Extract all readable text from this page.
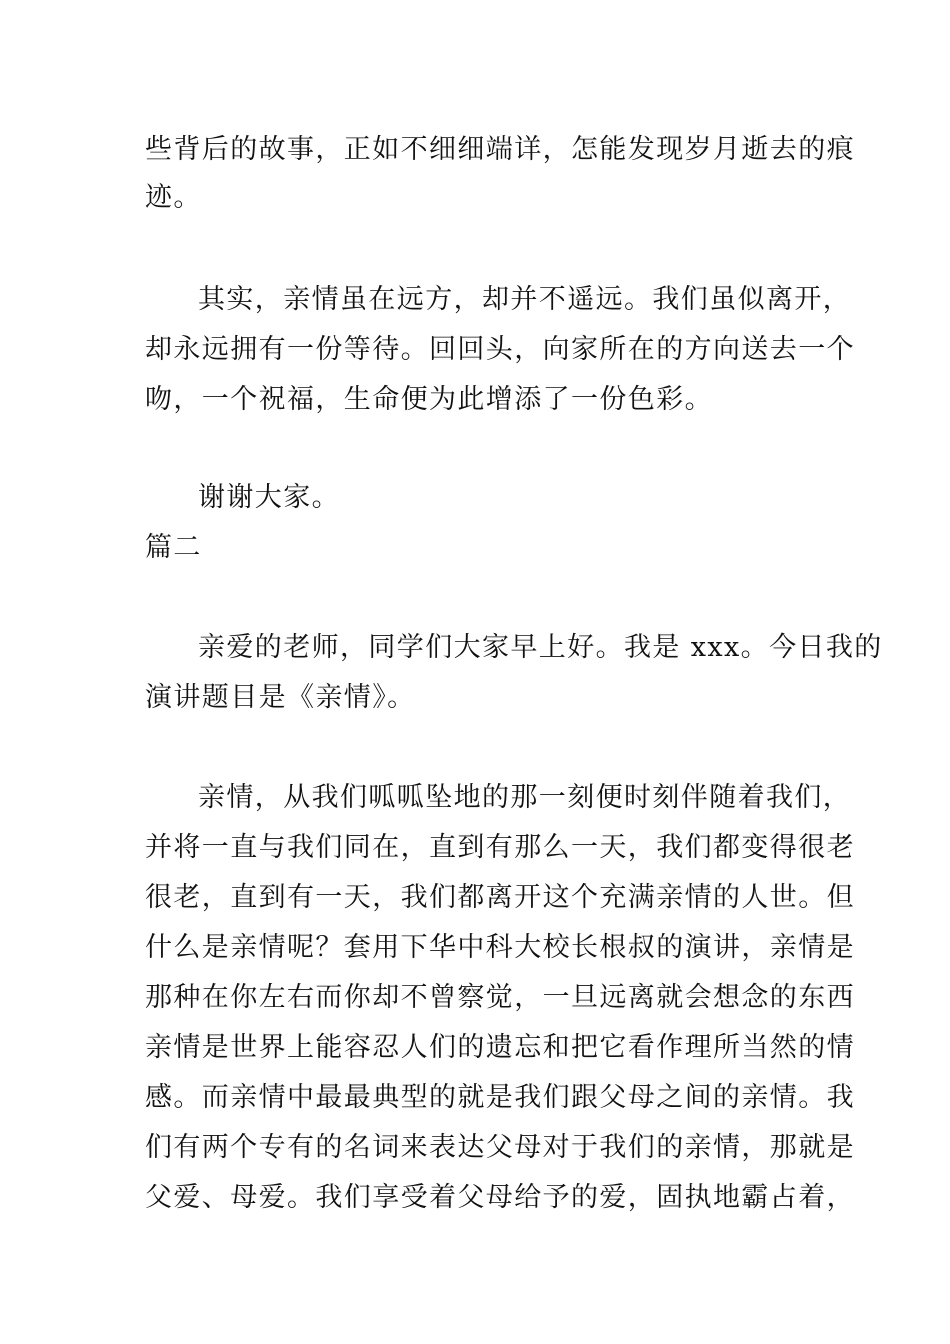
些背后的故事，正如不细细端详，怎能发现岁月逝去的痕
迹。
其实，亲情虽在远方，却并不遥远。我们虽似离开，
却永远拥有一份等待。回回头，向家所在的方向送去一个
吻，一个祝福，生命便为此增添了一份色彩。
谢谢大家。
篇二
亲爱的老师，同学们大家早上好。我是 xxx。今日我的
演讲题目是《亲情》。
亲情，从我们呱呱坠地的那一刻便时刻伴随着我们，
并将一直与我们同在，直到有那么一天，我们都变得很老
很老，直到有一天，我们都离开这个充满亲情的人世。但
什么是亲情呢？套用下华中科大校长根叔的演讲，亲情是
那种在你左右而你却不曾察觉，一旦远离就会想念的东西
亲情是世界上能容忍人们的遗忘和把它看作理所当然的情
感。而亲情中最最典型的就是我们跟父母之间的亲情。我
们有两个专有的名词来表达父母对于我们的亲情，那就是
父爱、母爱。我们享受着父母给予的爱，固执地霸占着，
